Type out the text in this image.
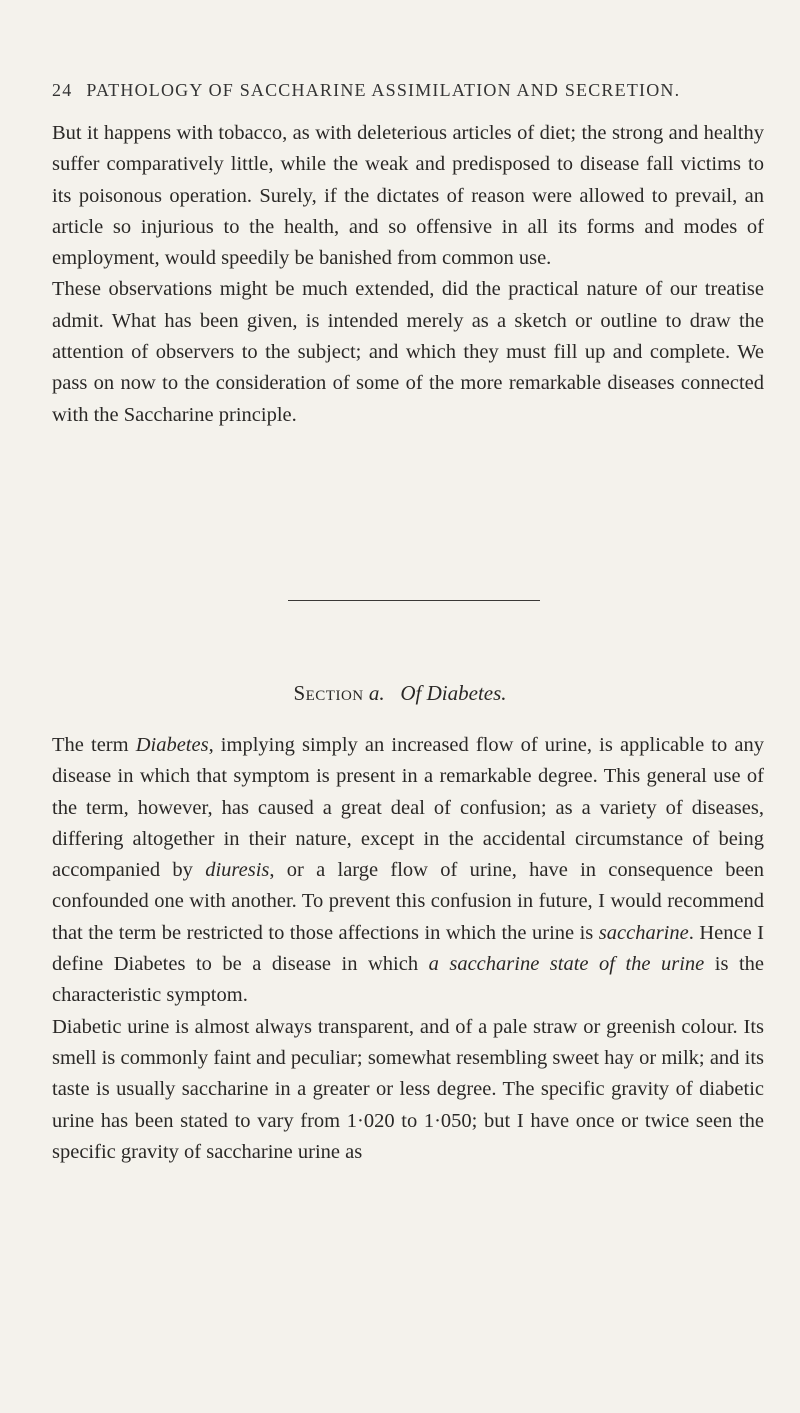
24 PATHOLOGY OF SACCHARINE ASSIMILATION AND SECRETION.

But it happens with tobacco, as with deleterious articles of diet; the strong and healthy suffer comparatively little, while the weak and predisposed to disease fall victims to its poisonous operation. Surely, if the dictates of reason were allowed to prevail, an article so injurious to the health, and so offensive in all its forms and modes of employment, would speedily be banished from common use.

These observations might be much extended, did the practical nature of our treatise admit. What has been given, is intended merely as a sketch or outline to draw the attention of observers to the subject; and which they must fill up and complete. We pass on now to the consideration of some of the more remarkable diseases connected with the Saccharine principle.

Section a. Of Diabetes.

The term Diabetes, implying simply an increased flow of urine, is applicable to any disease in which that symptom is present in a remarkable degree. This general use of the term, however, has caused a great deal of confusion; as a variety of diseases, differing altogether in their nature, except in the accidental circumstance of being accompanied by diuresis, or a large flow of urine, have in consequence been confounded one with another. To prevent this confusion in future, I would recommend that the term be restricted to those affections in which the urine is saccharine. Hence I define Diabetes to be a disease in which a saccharine state of the urine is the characteristic symptom.

Diabetic urine is almost always transparent, and of a pale straw or greenish colour. Its smell is commonly faint and peculiar; somewhat resembling sweet hay or milk; and its taste is usually saccharine in a greater or less degree. The specific gravity of diabetic urine has been stated to vary from 1·020 to 1·050; but I have once or twice seen the specific gravity of saccharine urine as
